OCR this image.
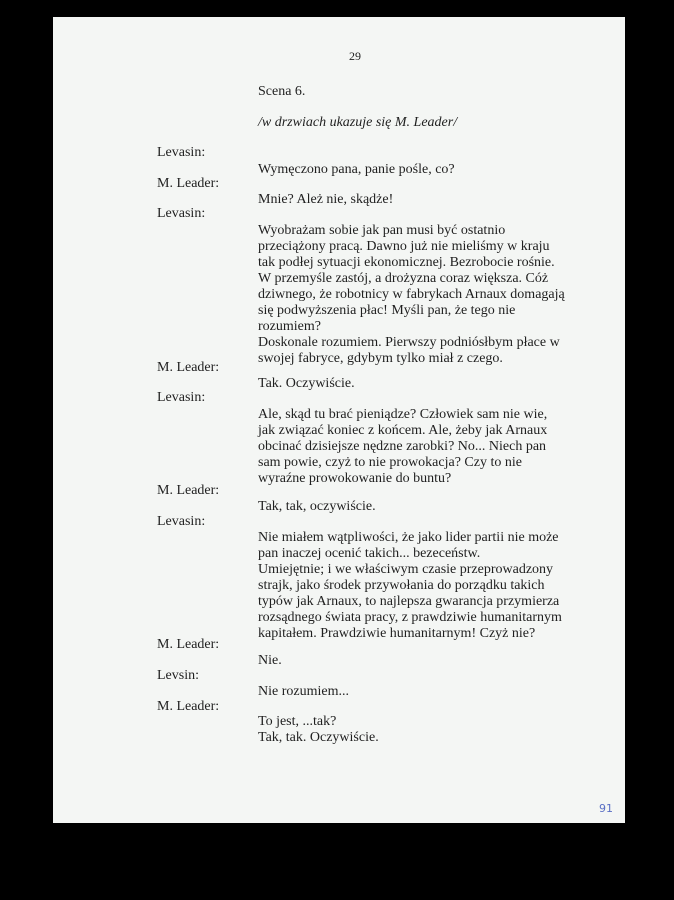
29

Scena 6.

/w drzwiach ukazuje się M. Leader/

Levasin:

M. Leader:

Levasin:

M. Leader:

Levasin:

M. Leader:

Levasin:

M. Leader:

Levsin:

M. Leader:

Wymęczono pana, panie pośle, co?
Mnie? Ależ nie, skądże!
Wyobrażam sobie jak pan musi być ostatnio
przeciążony pracą. Dawno już nie mieliśmy w kraju
tak podłej sytuacji ekonomicznej. Bezrobocie rośnie.
W przemyśle zastój, a drożyzna coraz większa. Cóż
dziwnego, że robotnicy w fabrykach Arnaux domagają
się podwyższenia płac! Myśli pan, że tego nie
rozumiem?
Doskonale rozumiem. Pierwszy podniósłbym płace w
swojej fabryce, gdybym tylko miał z czego.
Tak. Oczywiście.
Ale, skąd tu brać pieniądze? Człowiek sam nie wie,
jak związać koniec z końcem. Ale, żeby jak Arnaux
obcinać dzisiejsze nędzne zarobki? No... Niech pan
sam powie, czyż to nie prowokacja? Czy to nie
wyraźne prowokowanie do buntu?
Tak, tak, oczywiście.
Nie miałem wątpliwości, że jako lider partii nie może
pan inaczej ocenić takich... bezeceństw.
Umiejętnie; i we właściwym czasie przeprowadzony
strajk, jako środek przywołania do porządku takich
typów jak Arnaux, to najlepsza gwarancja przymierza
rozsądnego świata pracy, z prawdziwie humanitarnym
kapitałem. Prawdziwie humanitarnym! Czyż nie?
Nie.
Nie rozumiem...
To jest, ...tak?
Tak, tak. Oczywiście.
91
